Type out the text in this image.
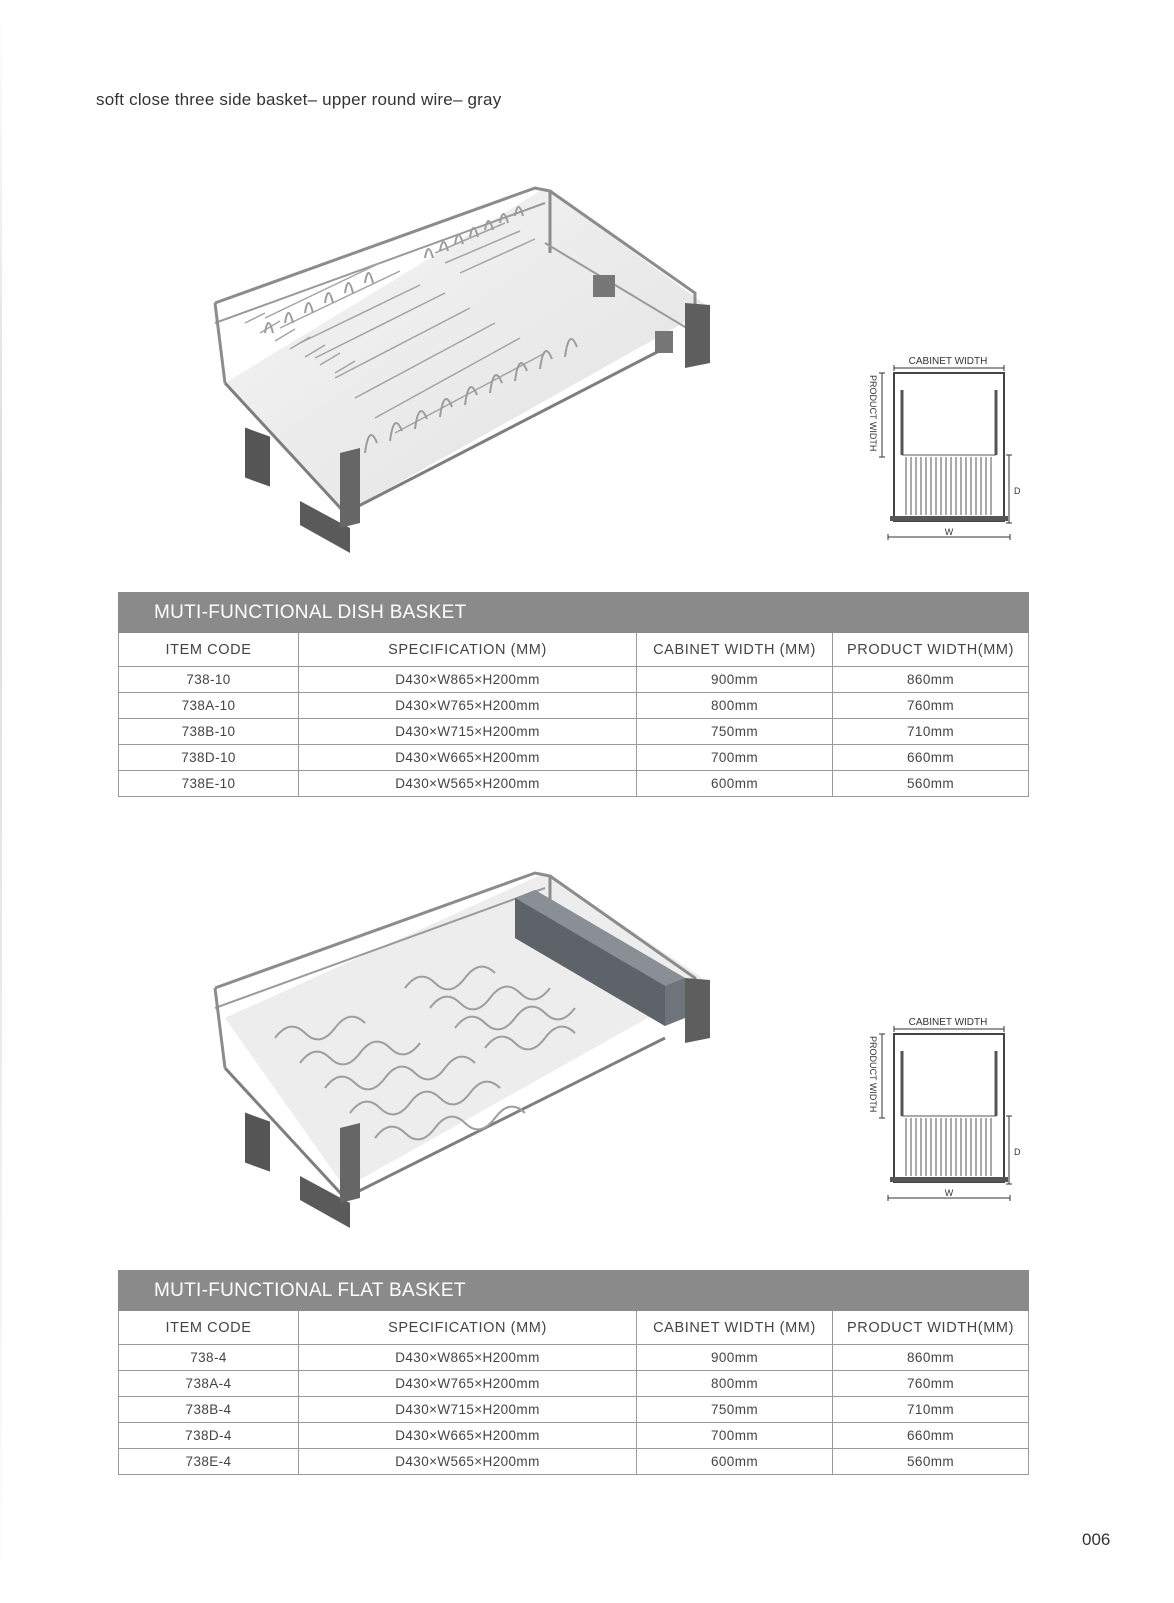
soft close three side basket– upper round wire– gray
CABINET WIDTH
PRODUCT WIDTH
D
W
MUTI-FUNCTIONAL DISH BASKET			
ITEM CODE	SPECIFICATION (MM)	CABINET WIDTH (MM)	PRODUCT WIDTH(MM)
738-10	D430×W865×H200mm	900mm	860mm
738A-10	D430×W765×H200mm	800mm	760mm
738B-10	D430×W715×H200mm	750mm	710mm
738D-10	D430×W665×H200mm	700mm	660mm
738E-10	D430×W565×H200mm	600mm	560mm
CABINET WIDTH
PRODUCT WIDTH
D
W
MUTI-FUNCTIONAL FLAT BASKET			
ITEM CODE	SPECIFICATION (MM)	CABINET WIDTH (MM)	PRODUCT WIDTH(MM)
738-4	D430×W865×H200mm	900mm	860mm
738A-4	D430×W765×H200mm	800mm	760mm
738B-4	D430×W715×H200mm	750mm	710mm
738D-4	D430×W665×H200mm	700mm	660mm
738E-4	D430×W565×H200mm	600mm	560mm
006
